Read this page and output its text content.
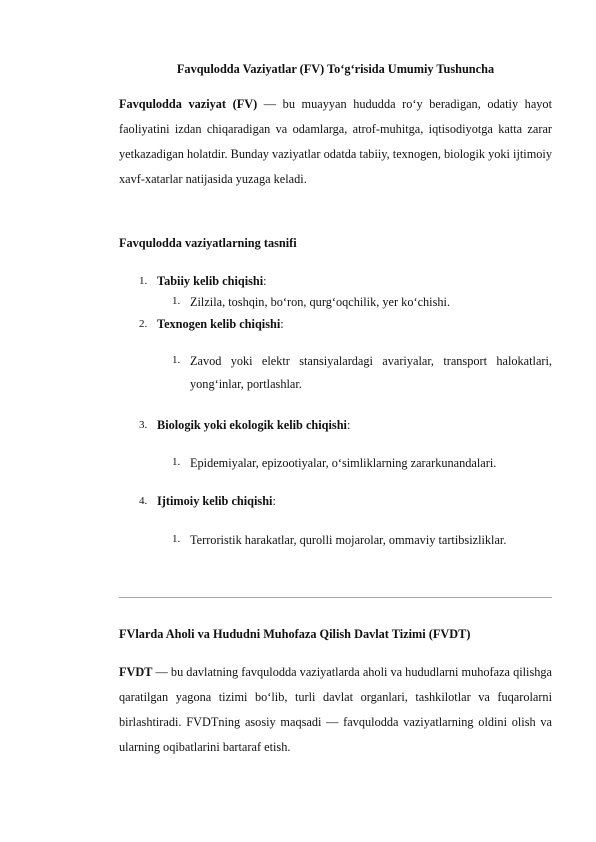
Favqulodda Vaziyatlar (FV) To‘g‘risida Umumiy Tushuncha
Favqulodda vaziyat (FV) — bu muayyan hududda ro‘y beradigan, odatiy hayot faoliyatini izdan chiqaradigan va odamlarga, atrof-muhitga, iqtisodiyotga katta zarar yetkazadigan holatdir. Bunday vaziyatlar odatda tabiiy, texnogen, biologik yoki ijtimoiy xavf-xatarlar natijasida yuzaga keladi.
Favqulodda vaziyatlarning tasnifi
1. Tabiiy kelib chiqishi:
1. Zilzila, toshqin, bo‘ron, qurg‘oqchilik, yer ko‘chishi.
2. Texnogen kelib chiqishi:
1. Zavod yoki elektr stansiyalardagi avariyalar, transport halokatlari, yong‘inlar, portlashlar.
3. Biologik yoki ekologik kelib chiqishi:
1. Epidemiyalar, epizootiyalar, o‘simliklarning zararkunandalari.
4. Ijtimoiy kelib chiqishi:
1. Terroristik harakatlar, qurolli mojarolar, ommaviy tartibsizliklar.
FVlarda Aholi va Hududni Muhofaza Qilish Davlat Tizimi (FVDT)
FVDT — bu davlatning favqulodda vaziyatlarda aholi va hududlarni muhofaza qilishga qaratilgan yagona tizimi bo‘lib, turli davlat organlari, tashkilotlar va fuqarolarni birlashtiradi. FVDTning asosiy maqsadi — favqulodda vaziyatlarning oldini olish va ularning oqibatlarini bartaraf etish.
